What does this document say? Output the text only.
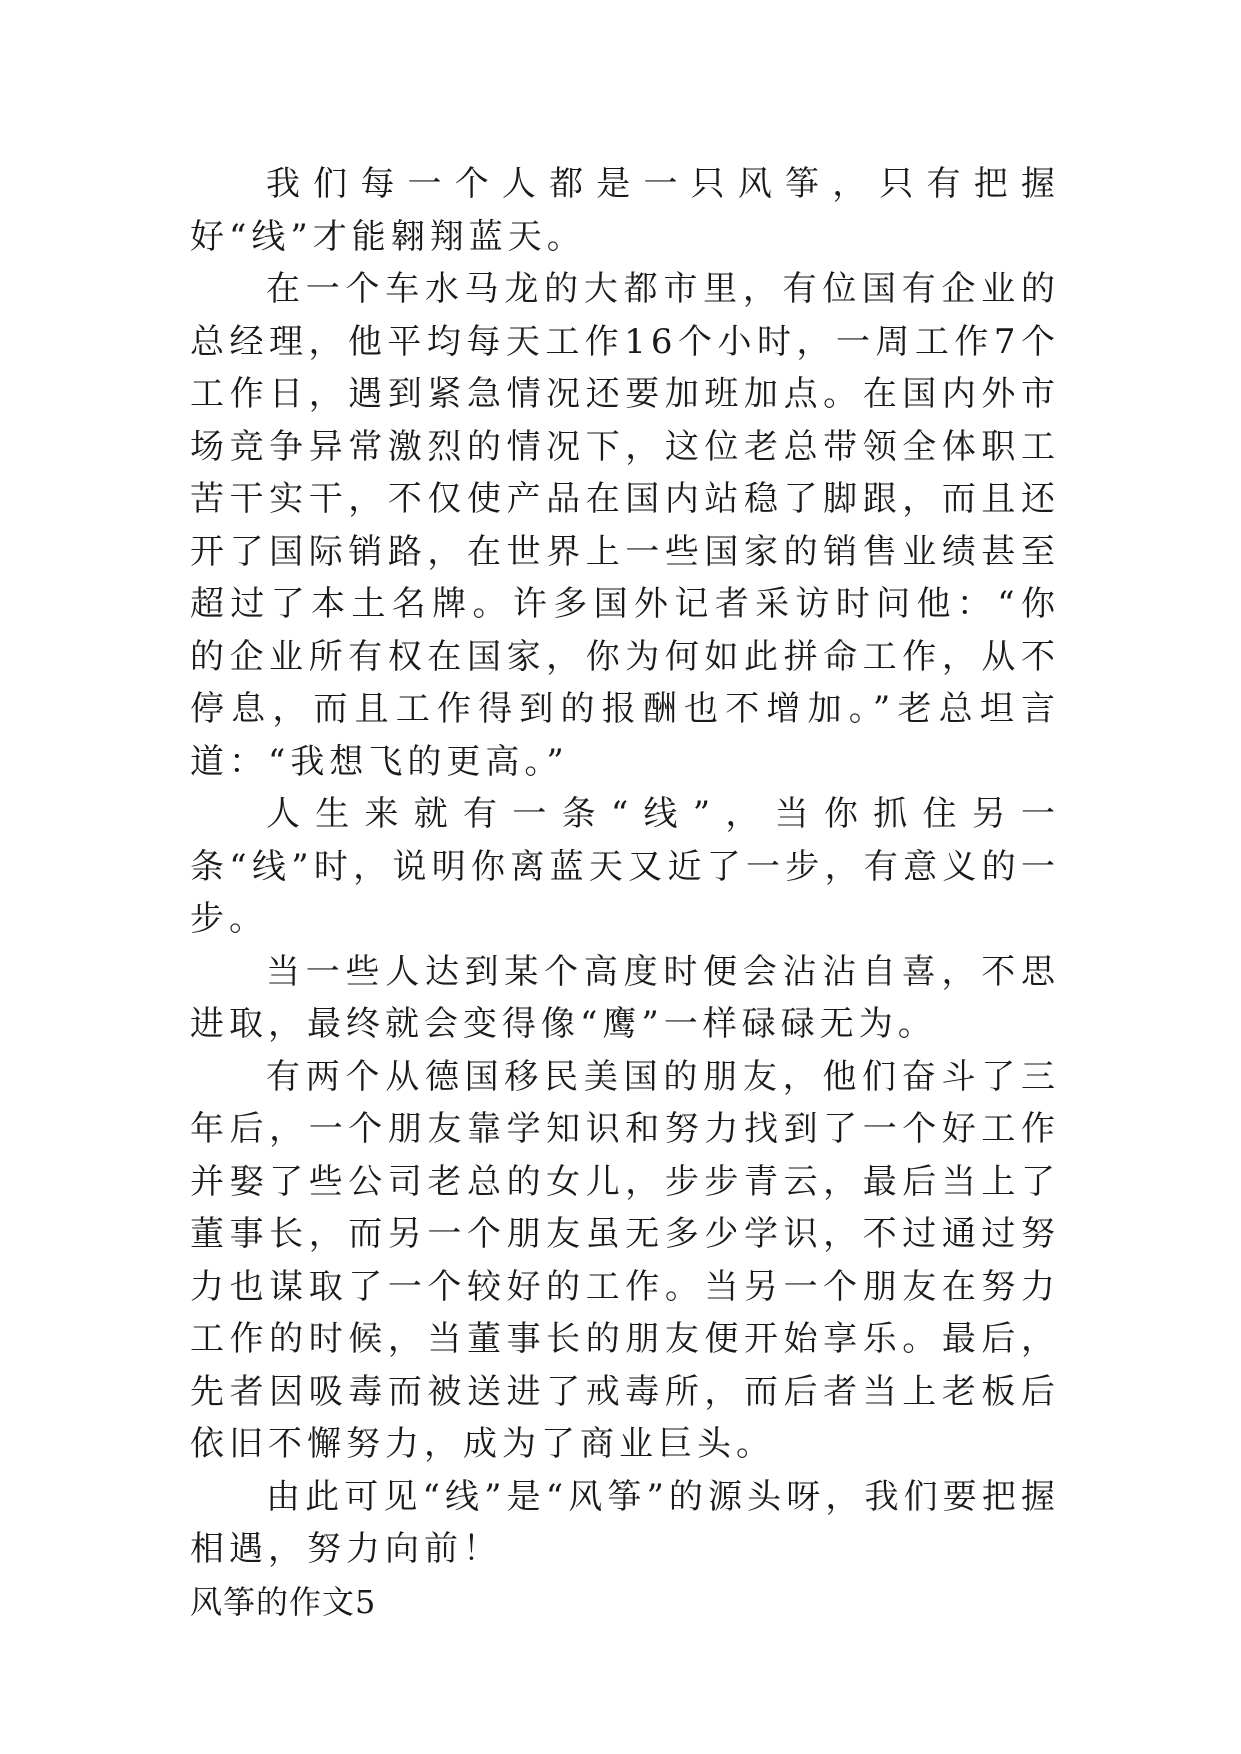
我们每一个人都是一只风筝，只有把握好“线”才能翱翔蓝天。

在一个车水马龙的大都市里，有位国有企业的总经理，他平均每天工作16个小时，一周工作7个工作日，遇到紧急情况还要加班加点。在国内外市场竞争异常激烈的情况下，这位老总带领全体职工苦干实干，不仅使产品在国内站稳了脚跟，而且还开了国际销路，在世界上一些国家的销售业绩甚至超过了本土名牌。许多国外记者采访时问他：“你的企业所有权在国家，你为何如此拼命工作，从不停息，而且工作得到的报酬也不增加。”老总坦言道：“我想飞的更高。”

人生来就有一条“线”，当你抓住另一条“线”时，说明你离蓝天又近了一步，有意义的一步。

当一些人达到某个高度时便会沾沾自喜，不思进取，最终就会变得像“鹰”一样碌碌无为。

有两个从德国移民美国的朋友，他们奋斗了三年后，一个朋友靠学知识和努力找到了一个好工作并娶了些公司老总的女儿，步步青云，最后当上了董事长，而另一个朋友虽无多少学识，不过通过努力也谋取了一个较好的工作。当另一个朋友在努力工作的时候，当董事长的朋友便开始享乐。最后，先者因吸毒而被送进了戒毒所，而后者当上老板后依旧不懈努力，成为了商业巨头。

由此可见“线”是“风筝”的源头呀，我们要把握相遇，努力向前！

风筝的作文5
